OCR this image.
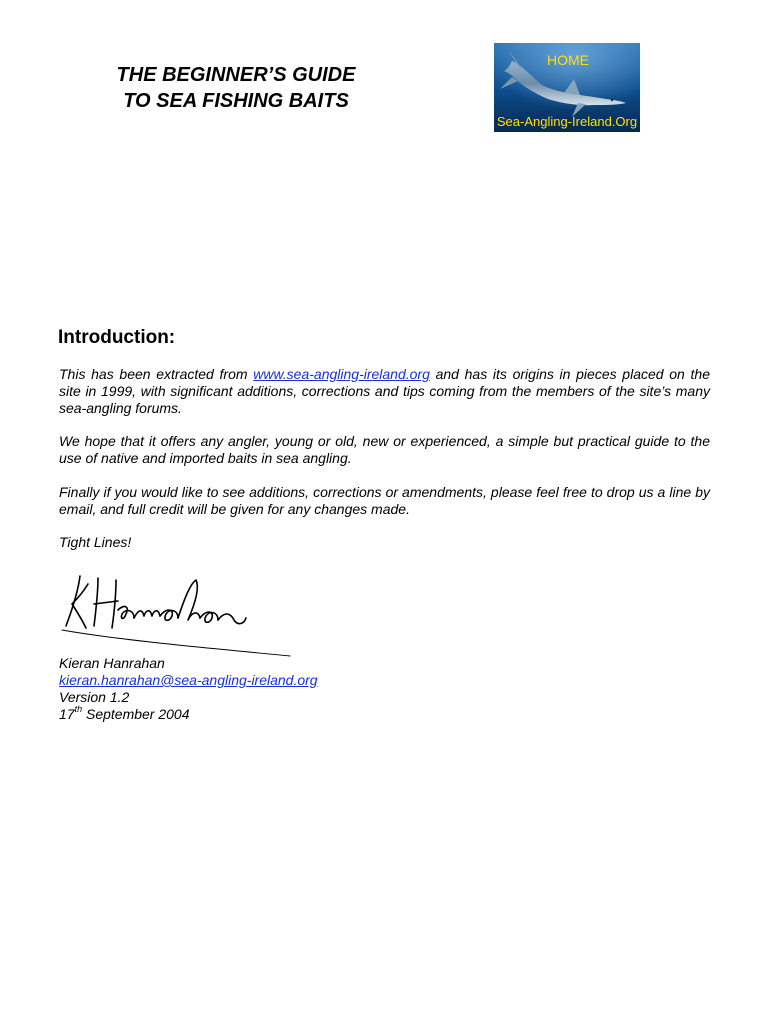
THE BEGINNER’S GUIDE
TO SEA FISHING BAITS
HOME
Sea-Angling-Ireland.Org
Introduction:
This has been extracted from www.sea-angling-ireland.org and has its origins in pieces placed on the site in 1999, with significant additions, corrections and tips coming from the members of the site’s many sea-angling forums.
We hope that it offers any angler, young or old, new or experienced, a simple but practical guide to the use of native and imported baits in sea angling.
Finally if you would like to see additions, corrections or amendments, please feel free to drop us a line by email, and full credit will be given for any changes made.
Tight Lines!
Kieran Hanrahan
kieran.hanrahan@sea-angling-ireland.org
Version 1.2
17th September 2004
